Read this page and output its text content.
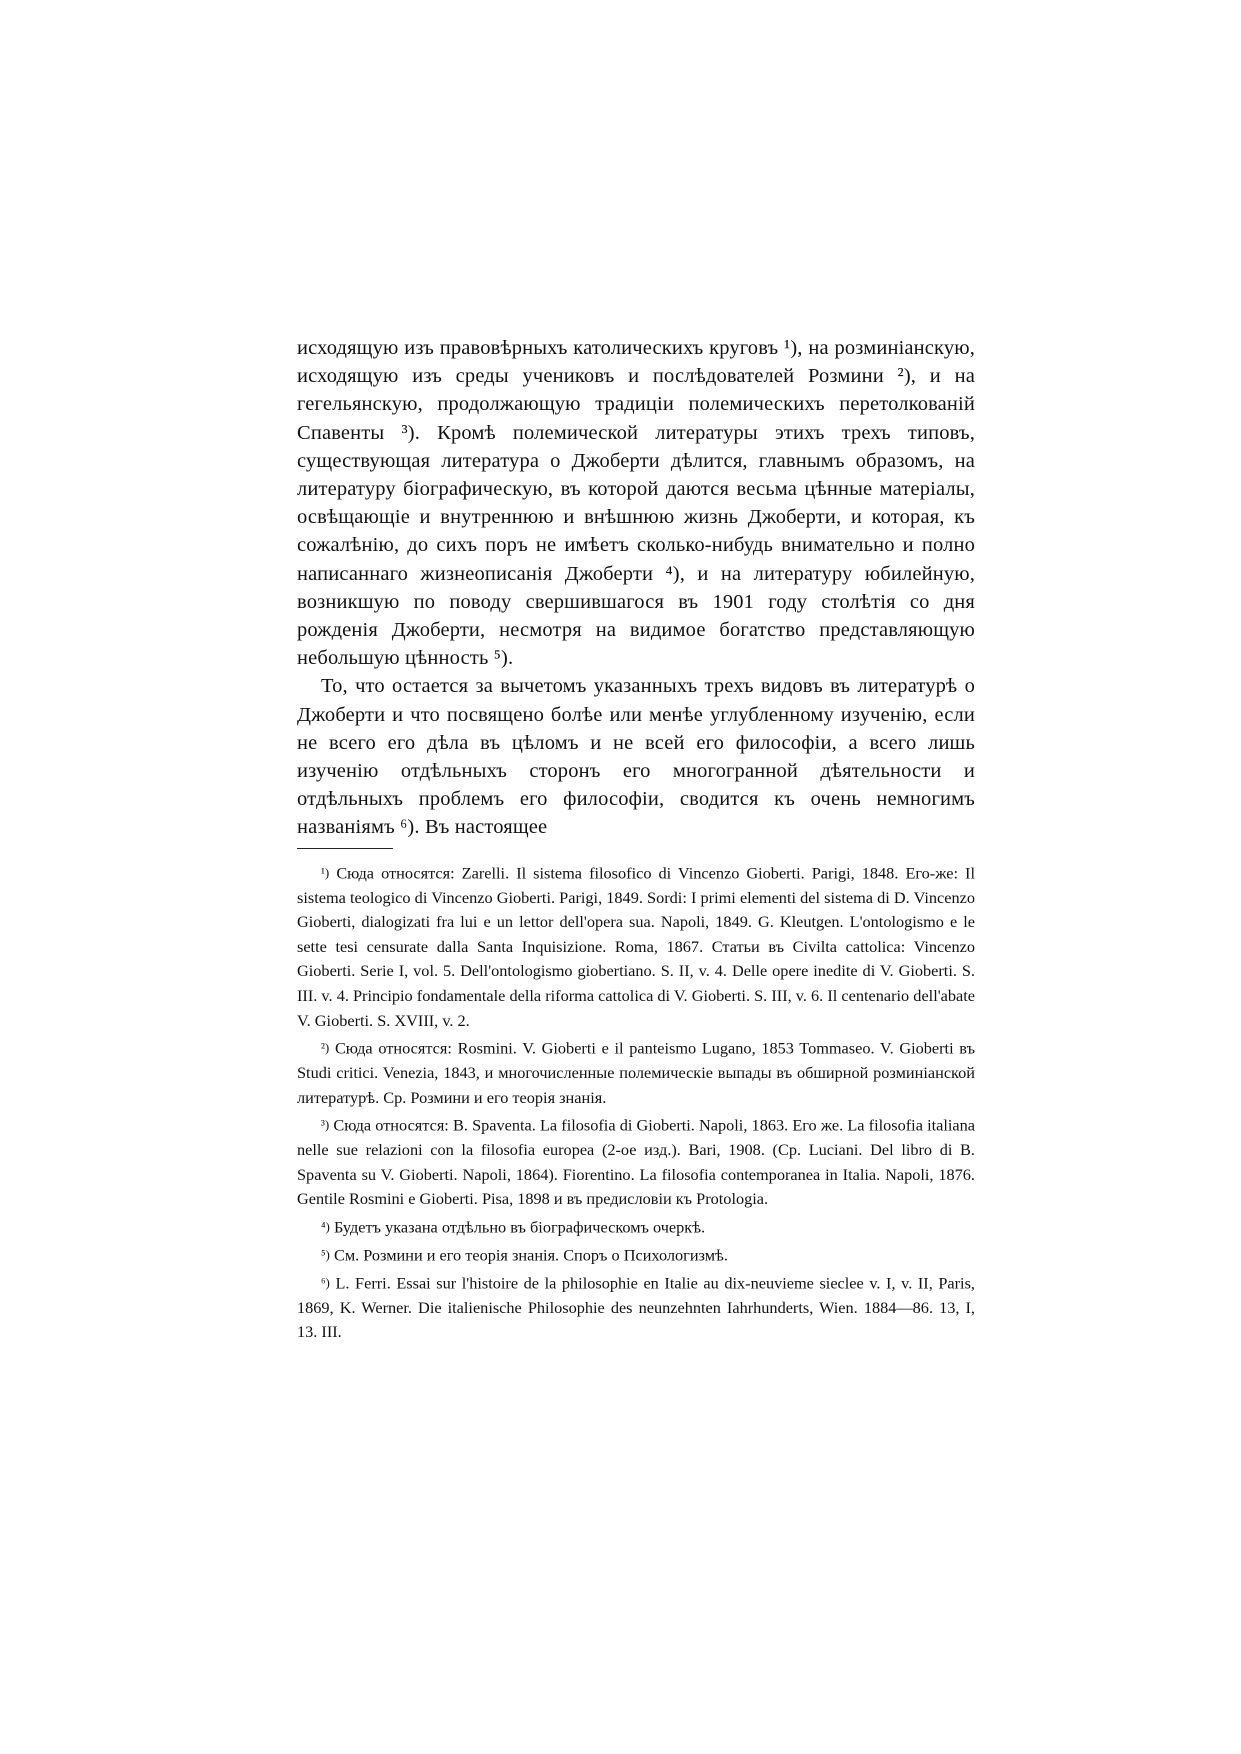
исходящую изъ правовѣрныхъ католическихъ круговъ ¹), на розминiанскую, исходящую изъ среды учениковъ и послѣдователей Розмини ²), и на гегельянскую, продолжающую традицiи полемическихъ перетолкованiй Спавенты ³). Кромѣ полемической литературы этихъ трехъ типовъ, существующая литература о Джоберти дѣлится, главнымъ образомъ, на литературу бiографическую, въ которой даются весьма цѣнные матерiалы, освѣщающiе и внутреннюю и внѣшнюю жизнь Джоберти, и которая, къ сожалѣнiю, до сихъ поръ не имѣетъ сколько-нибудь внимательно и полно написаннаго жизнеописанiя Джоберти ⁴), и на литературу юбилейную, возникшую по поводу свершившагося въ 1901 году столѣтiя со дня рожденiя Джоберти, несмотря на видимое богатство представляющую небольшую цѣнность ⁵).

То, что остается за вычетомъ указанныхъ трехъ видовъ въ литературѣ о Джоберти и что посвящено болѣе или менѣе углубленному изученiю, если не всего его дѣла въ цѣломъ и не всей его философiи, а всего лишь изученiю отдѣльныхъ сторонъ его многогранной дѣятельности и отдѣльныхъ проблемъ его философiи, сводится къ очень немногимъ названiямъ ⁶). Въ настоящее

¹) Сюда относятся: Zarelli. Il sistema filosofico di Vincenzo Gioberti. Parigi, 1848. Его-же: Il sistema teologico di Vincenzo Gioberti. Parigi, 1849. Sordi: I primi elementi del sistema di D. Vincenzo Gioberti, dialogizati fra lui e un lettor dell'opera sua. Napoli, 1849. G. Kleutgen. L'ontologismo e le sette tesi censurate dalla Santa Inquisizione. Roma, 1867. Статьи въ Civilta cattolica: Vincenzo Gioberti. Serie I, vol. 5. Dell'ontologismo giobertiano. S. II, v. 4. Delle opere inedite di V. Gioberti. S. III. v. 4. Principio fondamentale della riforma cattolica di V. Gioberti. S. III, v. 6. Il centenario dell'abate V. Gioberti. S. XVIII, v. 2.

²) Сюда относятся: Rosmini. V. Gioberti e il panteismo Lugano, 1853 Tommaseo. V. Gioberti въ Studi critici. Venezia, 1843, и многочисленные полемическiе выпады въ обширной розминiанской литературѣ. Ср. Розмини и его теорiя знанiя.

³) Сюда относятся: B. Spaventa. La filosofia di Gioberti. Napoli, 1863. Его же. La filosofia italiana nelle sue relazioni con la filosofia europea (2-ое изд.). Bari, 1908. (Cp. Luciani. Del libro di B. Spaventa su V. Gioberti. Napoli, 1864). Fiorentino. La filosofia contemporanea in Italia. Napoli, 1876. Gentile Rosmini e Gioberti. Pisa, 1898 и въ предисловiи къ Protologia.

⁴) Будетъ указана отдѣльно въ бiографическомъ очеркѣ.

⁵) См. Розмини и его теорiя знанiя. Споръ о Психологизмѣ.

⁶) L. Ferri. Essai sur l'histoire de la philosophie en Italie au dix-neuvieme sieclee v. I, v. II, Paris, 1869, K. Werner. Die italienische Philosophie des neunzehnten Iahrhunderts, Wien. 1884—86. 13, I, 13. III.
